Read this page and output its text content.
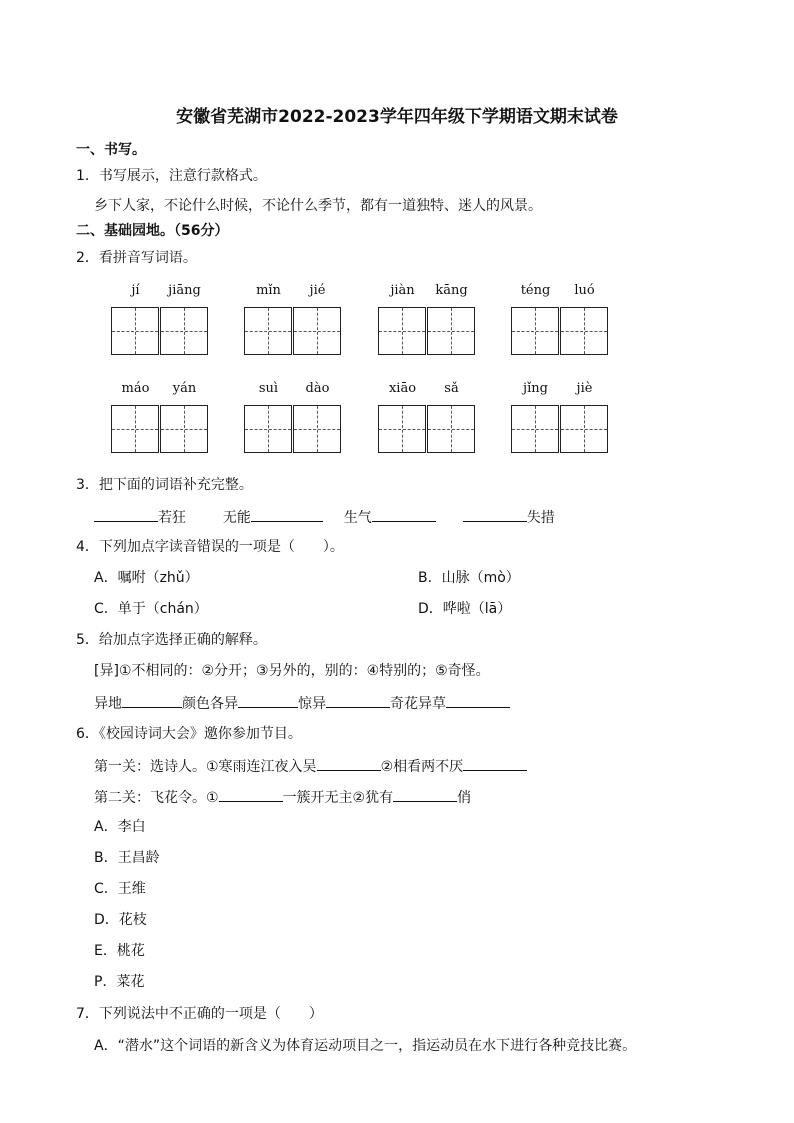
安徽省芜湖市2022-2023学年四年级下学期语文期末试卷
一、书写。
1．书写展示，注意行款格式。
乡下人家，不论什么时候，不论什么季节，都有一道独特、迷人的风景。
二、基础园地。（56分）
2．看拼音写词语。
jí	jiāng	mǐn	jié	jiàn	kāng	téng	luó
máo	yán	suì	dào	xiāo	sǎ	jǐng	jiè
3．把下面的词语补充完整。
若狂	无能	生气	失措
4．下列加点字读音错误的一项是（　　）。
A．嘱咐（zhǔ）	B．山脉（mò）
C．单于（chán）	D．哗啦（lā）
5．给加点字选择正确的解释。
[异]①不相同的：②分开；③另外的，别的：④特别的；⑤奇怪。
异地	颜色各异	惊异	奇花异草
6．《校园诗词大会》邀你参加节目。
第一关：选诗人。①寒雨连江夜入吴	②相看两不厌
第二关：飞花令。①	一簇开无主②犹有	俏
A．李白
B．王昌龄
C．王维
D．花枝
E．桃花
P．菜花
7．下列说法中不正确的一项是（　　）
A．“潜水”这个词语的新含义为体育运动项目之一，指运动员在水下进行各种竞技比赛。
